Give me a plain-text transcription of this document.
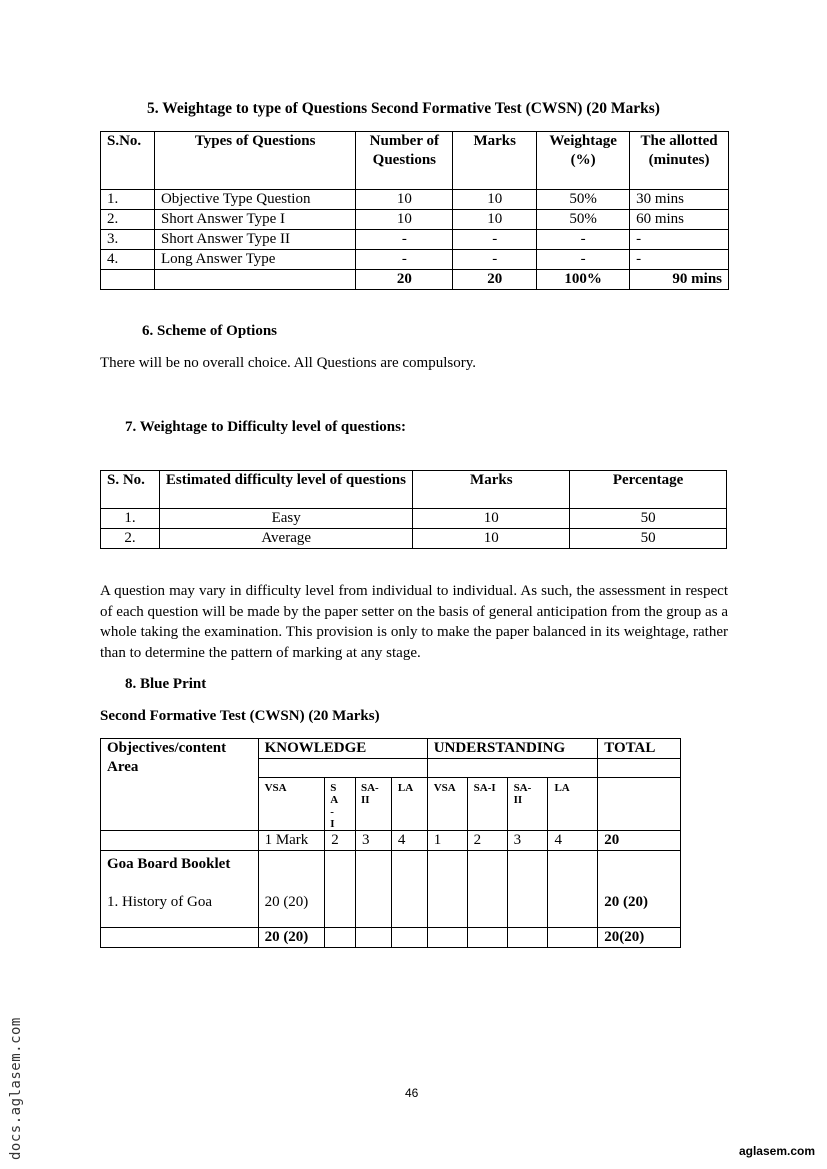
5. Weightage to type of Questions Second Formative Test (CWSN) (20 Marks)
S.No.	Types of Questions	Number of Questions	Marks	Weightage (%)	The allotted (minutes)
1.	Objective Type Question	10	10	50%	30 mins
2.	Short Answer Type I	10	10	50%	60 mins
3.	Short Answer Type II	-	-	-	-
4.	Long Answer Type	-	-	-	-
		20	20	100%	90 mins
6. Scheme of Options
There will be no overall choice. All Questions are compulsory.
7. Weightage to Difficulty level of questions:
S. No.	Estimated difficulty level of questions	Marks	Percentage
1.	Easy	10	50
2.	Average	10	50
A question may vary in difficulty level from individual to individual. As such, the assessment in respect of each question will be made by the paper setter on the basis of general anticipation from the group as a whole taking the examination. This provision is only to make the paper balanced in its weightage, rather than to determine the pattern of marking at any stage.
8. Blue Print
Second Formative Test (CWSN) (20 Marks)
Objectives/content Area	KNOWLEDGE				UNDERSTANDING				TOTAL

	VSA	S A- I	SA- II	LA	VSA	SA-I	SA- II	LA	
	1 Mark	2	3	4	1	2	3	4	20

Goa Board Booklet
1. History of Goa	20 (20)								20 (20)
	20 (20)								20(20)
46
docs.aglasem.com	aglasem.com
